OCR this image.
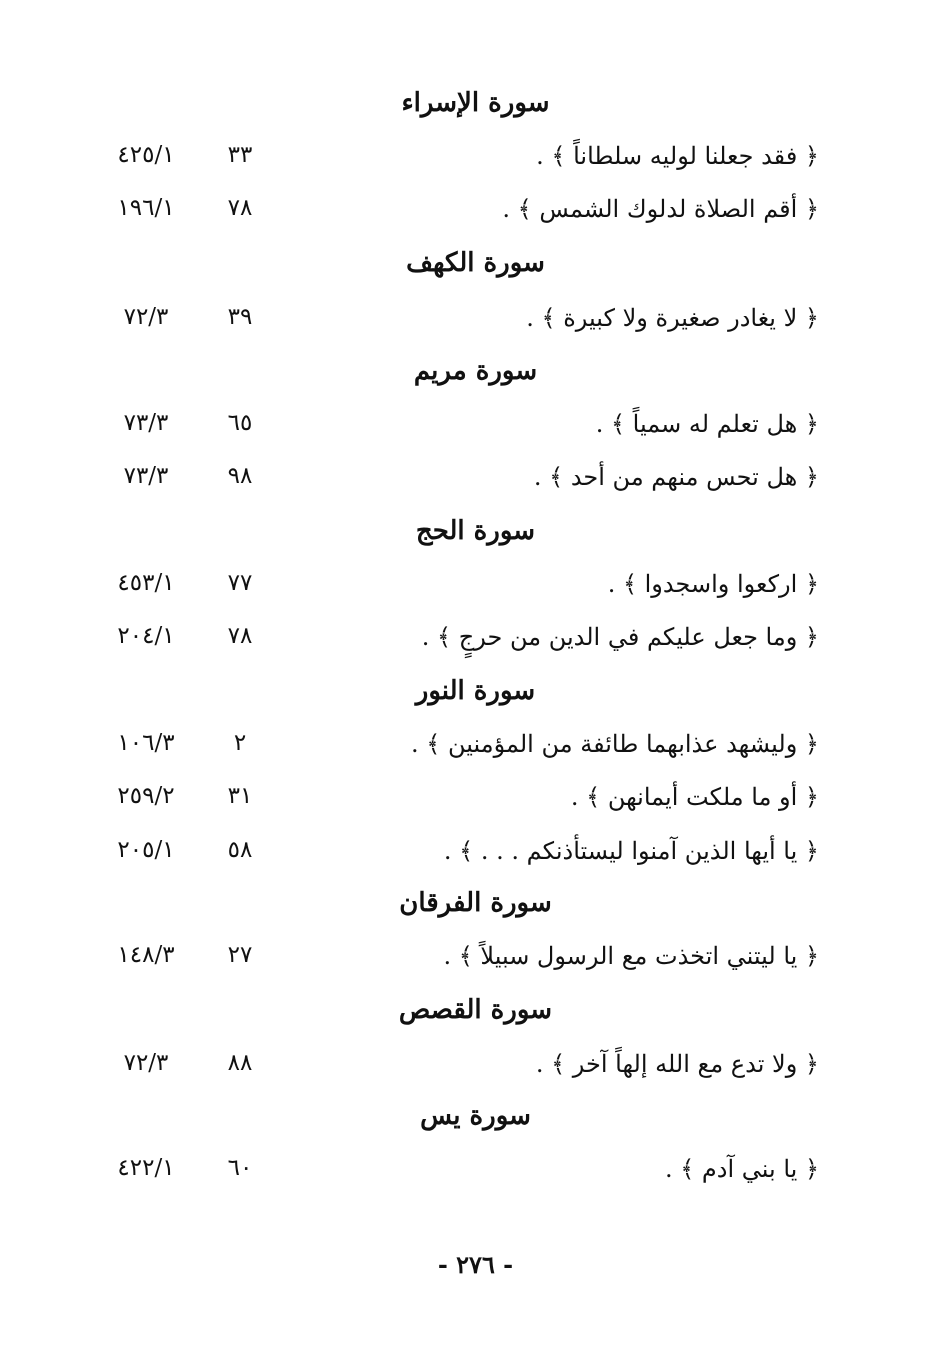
سورة الإسراء
﴿ فقد جعلنا لوليه سلطاناً ﴾ .
٣٣
٤٢٥/١
﴿ أقم الصلاة لدلوك الشمس ﴾ .
٧٨
١٩٦/١
سورة الكهف
﴿ لا يغادر صغيرة ولا كبيرة ﴾ .
٣٩
٧٢/٣
سورة مريم
﴿ هل تعلم له سمياً ﴾ .
٦٥
٧٣/٣
﴿ هل تحس منهم من أحد ﴾ .
٩٨
٧٣/٣
سورة الحج
﴿ اركعوا واسجدوا ﴾ .
٧٧
٤٥٣/١
﴿ وما جعل عليكم في الدين من حرجٍ ﴾ .
٧٨
٢٠٤/١
سورة النور
﴿ وليشهد عذابهما طائفة من المؤمنين ﴾ .
٢
١٠٦/٣
﴿ أو ما ملكت أيمانهن ﴾ .
٣١
٢٥٩/٢
﴿ يا أيها الذين آمنوا ليستأذنكم . . . ﴾ .
٥٨
٢٠٥/١
سورة الفرقان
﴿ يا ليتني اتخذت مع الرسول سبيلاً ﴾ .
٢٧
١٤٨/٣
سورة القصص
﴿ ولا تدع مع الله إلهاً آخر ﴾ .
٨٨
٧٢/٣
سورة يس
﴿ يا بني آدم ﴾ .
٦٠
٤٢٢/١
- ٢٧٦ -
